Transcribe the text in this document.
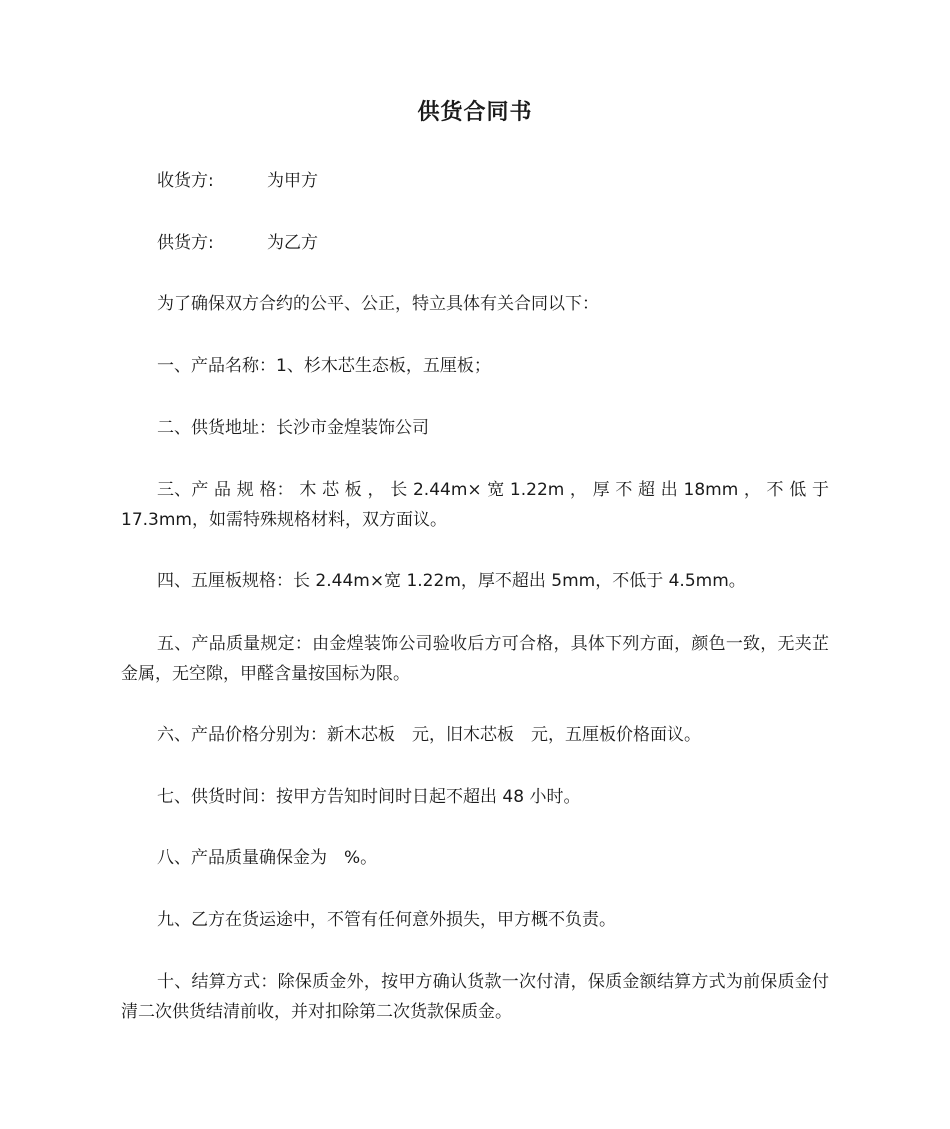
供货合同书
收货方:	为甲方
供货方:	为乙方

为了确保双方合约的公平、公正，特立具体有关合同以下：

一、产品名称：1、杉木芯生态板，五厘板；

二、供货地址：长沙市金煌装饰公司

三、产 品 规 格： 木 芯 板 ， 长 2.44m× 宽 1.22m ， 厚 不 超 出 18mm ， 不 低 于 17.3mm，如需特殊规格材料，双方面议。

四、五厘板规格：长 2.44m×宽 1.22m，厚不超出 5mm，不低于 4.5mm。

五、产品质量规定：由金煌装饰公司验收后方可合格，具体下列方面，颜色一致，无夹芷金属，无空隙，甲醛含量按国标为限。

六、产品价格分别为：新木芯板　元，旧木芯板　元，五厘板价格面议。

七、供货时间：按甲方告知时间时日起不超出 48 小时。

八、产品质量确保金为　%。

九、乙方在货运途中，不管有任何意外损失，甲方概不负责。

十、结算方式：除保质金外，按甲方确认货款一次付清，保质金额结算方式为前保质金付清二次供货结清前收，并对扣除第二次货款保质金。
